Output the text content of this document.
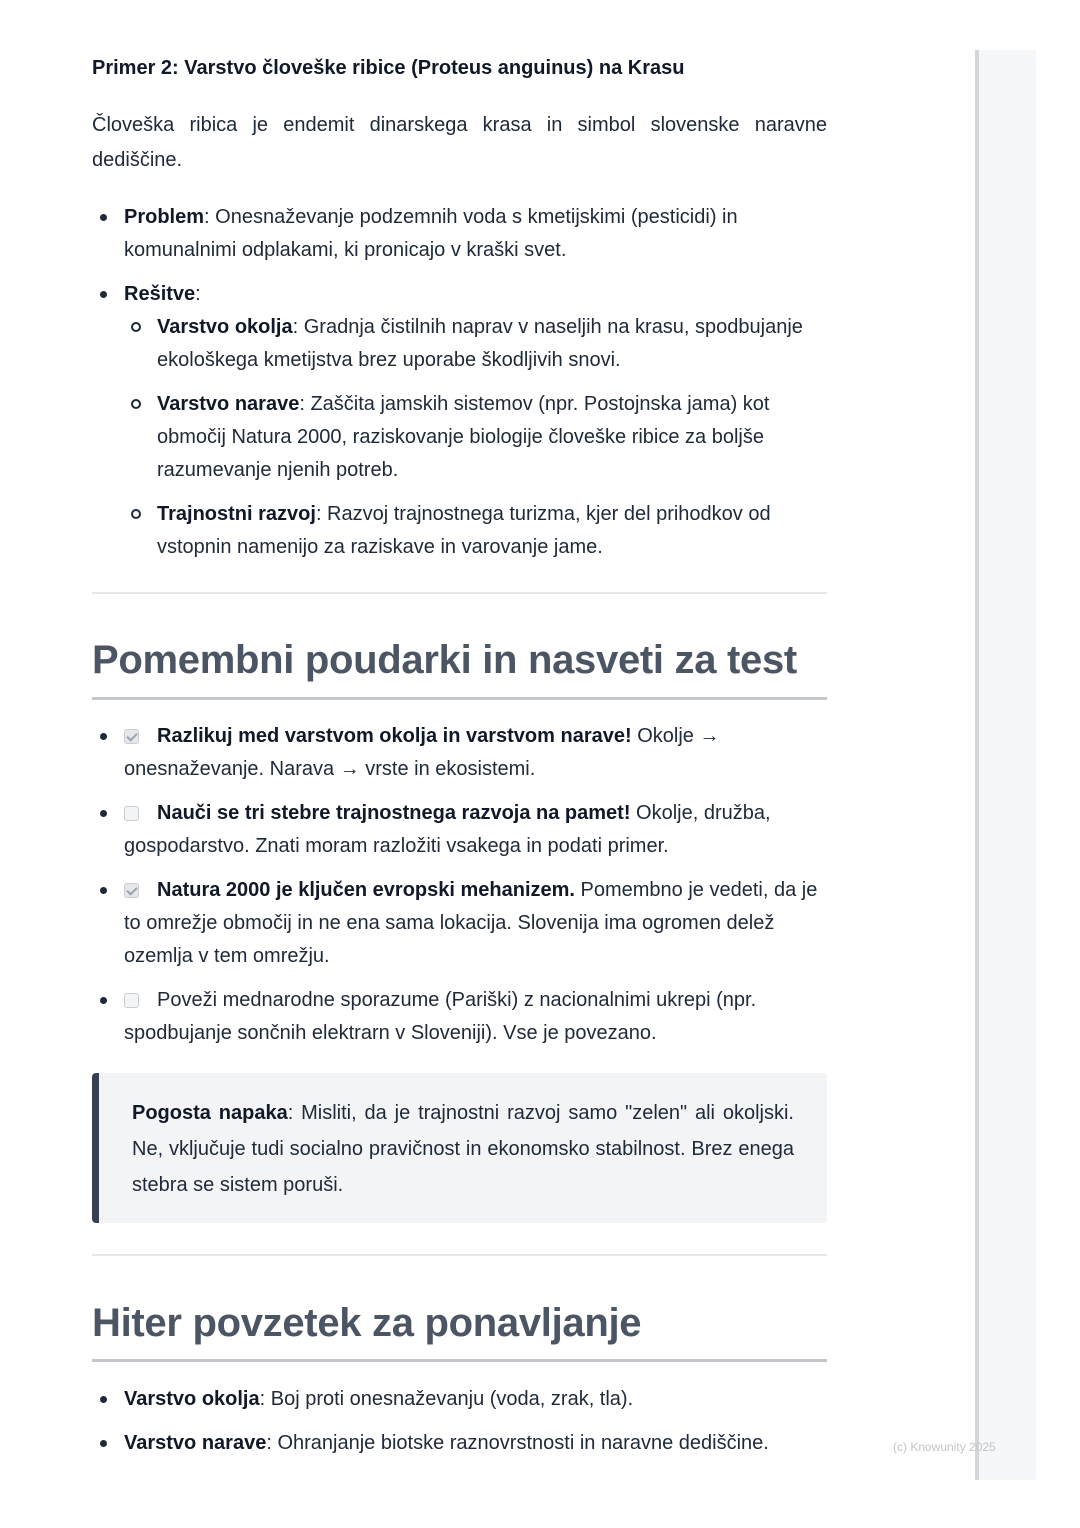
(c) Knowunity 2025
Primer 2: Varstvo človeške ribice (Proteus anguinus) na Krasu
Človeška ribica je endemit dinarskega krasa in simbol slovenske naravne dediščine.
Problem: Onesnaževanje podzemnih voda s kmetijskimi (pesticidi) in komunalnimi odplakami, ki pronicajo v kraški svet.
Rešitve:
Varstvo okolja: Gradnja čistilnih naprav v naseljih na krasu, spodbujanje ekološkega kmetijstva brez uporabe škodljivih snovi.
Varstvo narave: Zaščita jamskih sistemov (npr. Postojnska jama) kot območij Natura 2000, raziskovanje biologije človeške ribice za boljše razumevanje njenih potreb.
Trajnostni razvoj: Razvoj trajnostnega turizma, kjer del prihodkov od vstopnin namenijo za raziskave in varovanje jame.
Pomembni poudarki in nasveti za test
Razlikuj med varstvom okolja in varstvom narave! Okolje → onesnaževanje. Narava → vrste in ekosistemi.
Nauči se tri stebre trajnostnega razvoja na pamet! Okolje, družba, gospodarstvo. Znati moram razložiti vsakega in podati primer.
Natura 2000 je ključen evropski mehanizem. Pomembno je vedeti, da je to omrežje območij in ne ena sama lokacija. Slovenija ima ogromen delež ozemlja v tem omrežju.
Poveži mednarodne sporazume (Pariški) z nacionalnimi ukrepi (npr. spodbujanje sončnih elektrarn v Sloveniji). Vse je povezano.
Pogosta napaka: Misliti, da je trajnostni razvoj samo "zelen" ali okoljski. Ne, vključuje tudi socialno pravičnost in ekonomsko stabilnost. Brez enega stebra se sistem poruši.
Hiter povzetek za ponavljanje
Varstvo okolja: Boj proti onesnaževanju (voda, zrak, tla).
Varstvo narave: Ohranjanje biotske raznovrstnosti in naravne dediščine.
